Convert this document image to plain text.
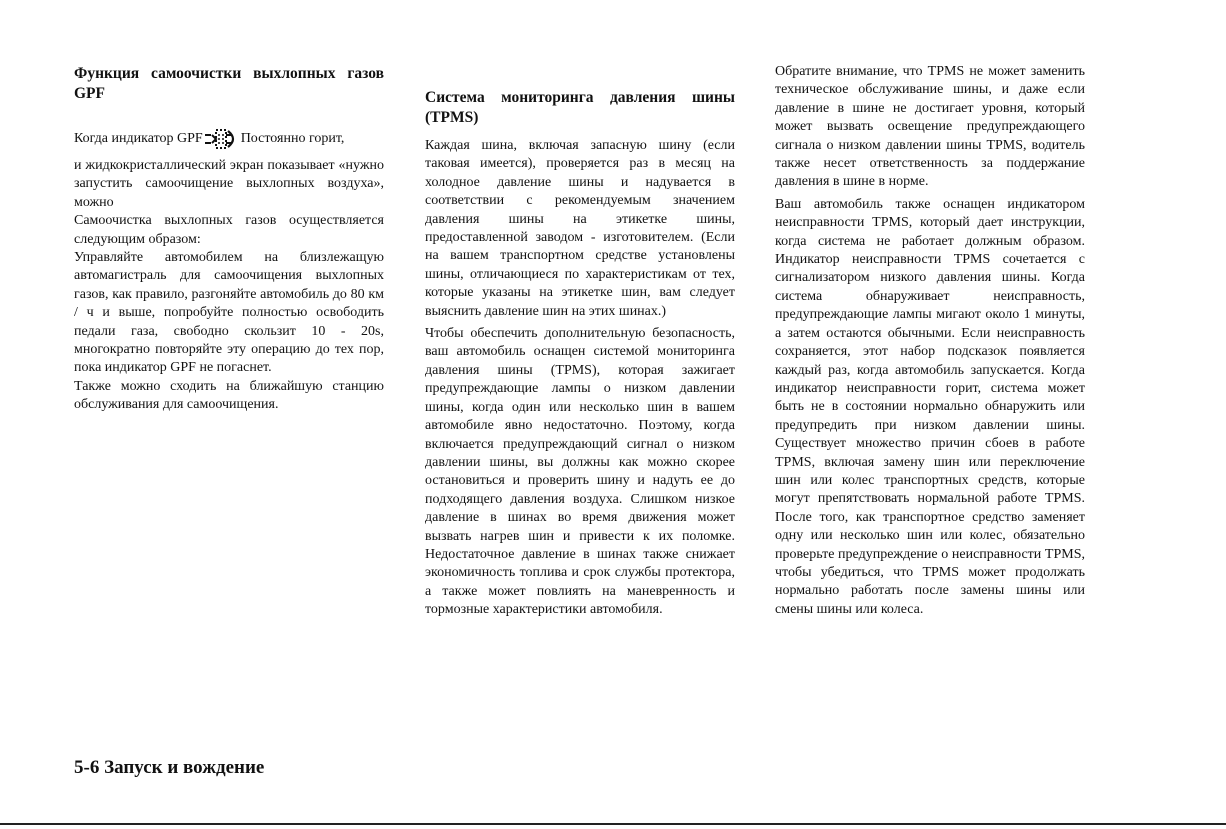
Функция самоочистки выхлопных газов GPF

Когда индикатор GPF	Постоянно горит,

и жидкокристаллический экран показывает «нужно запустить самоочищение выхлопных воздуха», можно

Самоочистка выхлопных газов осуществляется следующим образом:

Управляйте автомобилем на близлежащую автомагистраль для самоочищения выхлопных газов, как правило, разгоняйте автомобиль до 80 км / ч и выше, попробуйте полностью освободить педали газа, свободно скользит 10 - 20s, многократно повторяйте эту операцию до тех пор, пока индикатор GPF не погаснет.

Также можно сходить на ближайшую станцию обслуживания для самоочищения.

Система мониторинга давления шины (TPMS)

Каждая шина, включая запасную шину (если таковая имеется), проверяется раз в месяц на холодное давление шины и надувается в соответствии с рекомендуемым значением давления шины на этикетке шины, предоставленной заводом - изготовителем. (Если на вашем транспортном средстве установлены шины, отличающиеся по характеристикам от тех, которые указаны на этикетке шин, вам следует выяснить давление шин на этих шинах.)

Чтобы обеспечить дополнительную безопасность, ваш автомобиль оснащен системой мониторинга давления шины (TPMS), которая зажигает предупреждающие лампы о низком давлении шины, когда один или несколько шин в вашем автомобиле явно недостаточно. Поэтому, когда включается предупреждающий сигнал о низком давлении шины, вы должны как можно скорее остановиться и проверить шину и надуть ее до подходящего давления воздуха. Слишком низкое давление в шинах во время движения может вызвать нагрев шин и привести к их поломке. Недостаточное давление в шинах также снижает экономичность топлива и срок службы протектора, а также может повлиять на маневренность и тормозные характеристики автомобиля.

Обратите внимание, что TPMS не может заменить техническое обслуживание шины, и даже если давление в шине не достигает уровня, который может вызвать освещение предупреждающего сигнала о низком давлении шины TPMS, водитель также несет ответственность за поддержание давления в шине в норме.

Ваш автомобиль также оснащен индикатором неисправности TPMS, который дает инструкции, когда система не работает должным образом. Индикатор неисправности TPMS сочетается с сигнализатором низкого давления шины. Когда система обнаруживает неисправность, предупреждающие лампы мигают около 1 минуты, а затем остаются обычными. Если неисправность сохраняется, этот набор подсказок появляется каждый раз, когда автомобиль запускается. Когда индикатор неисправности горит, система может быть не в состоянии нормально обнаружить или предупредить при низком давлении шины. Существует множество причин сбоев в работе TPMS, включая замену шин или переключение шин или колес транспортных средств, которые могут препятствовать нормальной работе TPMS. После того, как транспортное средство заменяет одну или несколько шин или колес, обязательно проверьте предупреждение о неисправности TPMS, чтобы убедиться, что TPMS может продолжать нормально работать после замены шины или смены шины или колеса.

5-6 Запуск и вождение
